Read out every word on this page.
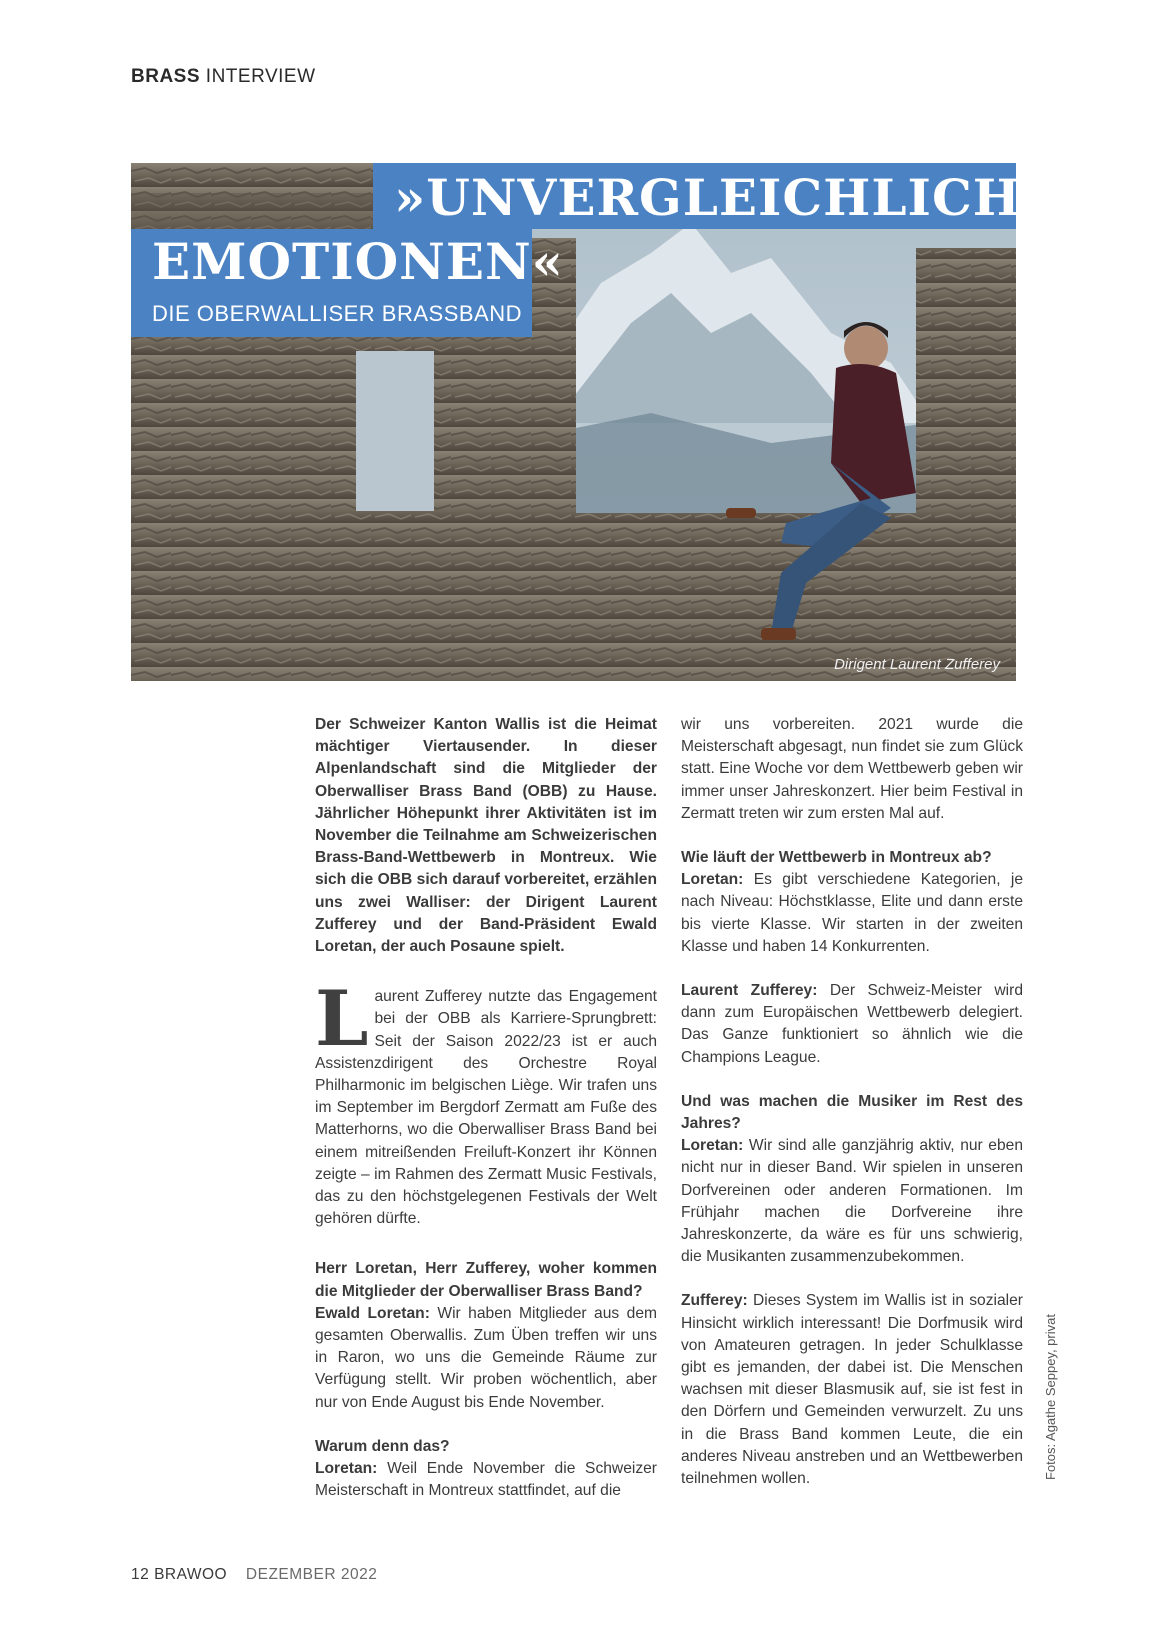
BRASS INTERVIEW
»UNVERGLEICHLICHE
EMOTIONEN«
DIE OBERWALLISER BRASSBAND
Dirigent Laurent Zufferey

Der Schweizer Kanton Wallis ist die Heimat mächtiger Viertausender. In dieser Alpenlandschaft sind die Mitglieder der Oberwalliser Brass Band (OBB) zu Hause. Jährlicher Höhepunkt ihrer Aktivitäten ist im November die Teilnahme am Schweizerischen Brass-Band-Wettbewerb in Montreux. Wie sich die OBB sich darauf vorbereitet, erzählen uns zwei Walliser: der Dirigent Laurent Zufferey und der Band-Präsident Ewald Loretan, der auch Posaune spielt.

Laurent Zufferey nutzte das Engagement bei der OBB als Karriere-Sprungbrett: Seit der Saison 2022/23 ist er auch Assistenzdirigent des Orchestre Royal Philharmonic im belgischen Liège. Wir trafen uns im September im Bergdorf Zermatt am Fuße des Matterhorns, wo die Oberwalliser Brass Band bei einem mitreißenden Freiluft-Konzert ihr Können zeigte – im Rahmen des Zermatt Music Festivals, das zu den höchstgelegenen Festivals der Welt gehören dürfte.

Herr Loretan, Herr Zufferey, woher kommen die Mitglieder der Oberwalliser Brass Band?
Ewald Loretan: Wir haben Mitglieder aus dem gesamten Oberwallis. Zum Üben treffen wir uns in Raron, wo uns die Gemeinde Räume zur Verfügung stellt. Wir proben wöchentlich, aber nur von Ende August bis Ende November.

Warum denn das?
Loretan: Weil Ende November die Schweizer Meisterschaft in Montreux stattfindet, auf die

wir uns vorbereiten. 2021 wurde die Meisterschaft abgesagt, nun findet sie zum Glück statt. Eine Woche vor dem Wettbewerb geben wir immer unser Jahreskonzert. Hier beim Festival in Zermatt treten wir zum ersten Mal auf.

Wie läuft der Wettbewerb in Montreux ab?
Loretan: Es gibt verschiedene Kategorien, je nach Niveau: Höchstklasse, Elite und dann erste bis vierte Klasse. Wir starten in der zweiten Klasse und haben 14 Konkurrenten.

Laurent Zufferey: Der Schweiz-Meister wird dann zum Europäischen Wettbewerb delegiert. Das Ganze funktioniert so ähnlich wie die Champions League.

Und was machen die Musiker im Rest des Jahres?
Loretan: Wir sind alle ganzjährig aktiv, nur eben nicht nur in dieser Band. Wir spielen in unseren Dorfvereinen oder anderen Formationen. Im Frühjahr machen die Dorfvereine ihre Jahreskonzerte, da wäre es für uns schwierig, die Musikanten zusammenzubekommen.

Zufferey: Dieses System im Wallis ist in sozialer Hinsicht wirklich interessant! Die Dorfmusik wird von Amateuren getragen. In jeder Schulklasse gibt es jemanden, der dabei ist. Die Menschen wachsen mit dieser Blasmusik auf, sie ist fest in den Dörfern und Gemeinden verwurzelt. Zu uns in die Brass Band kommen Leute, die ein anderes Niveau anstreben und an Wettbewerben teilnehmen wollen.	Fotos: Agathe Seppey, privat
12 BRAWOO DEZEMBER 2022
